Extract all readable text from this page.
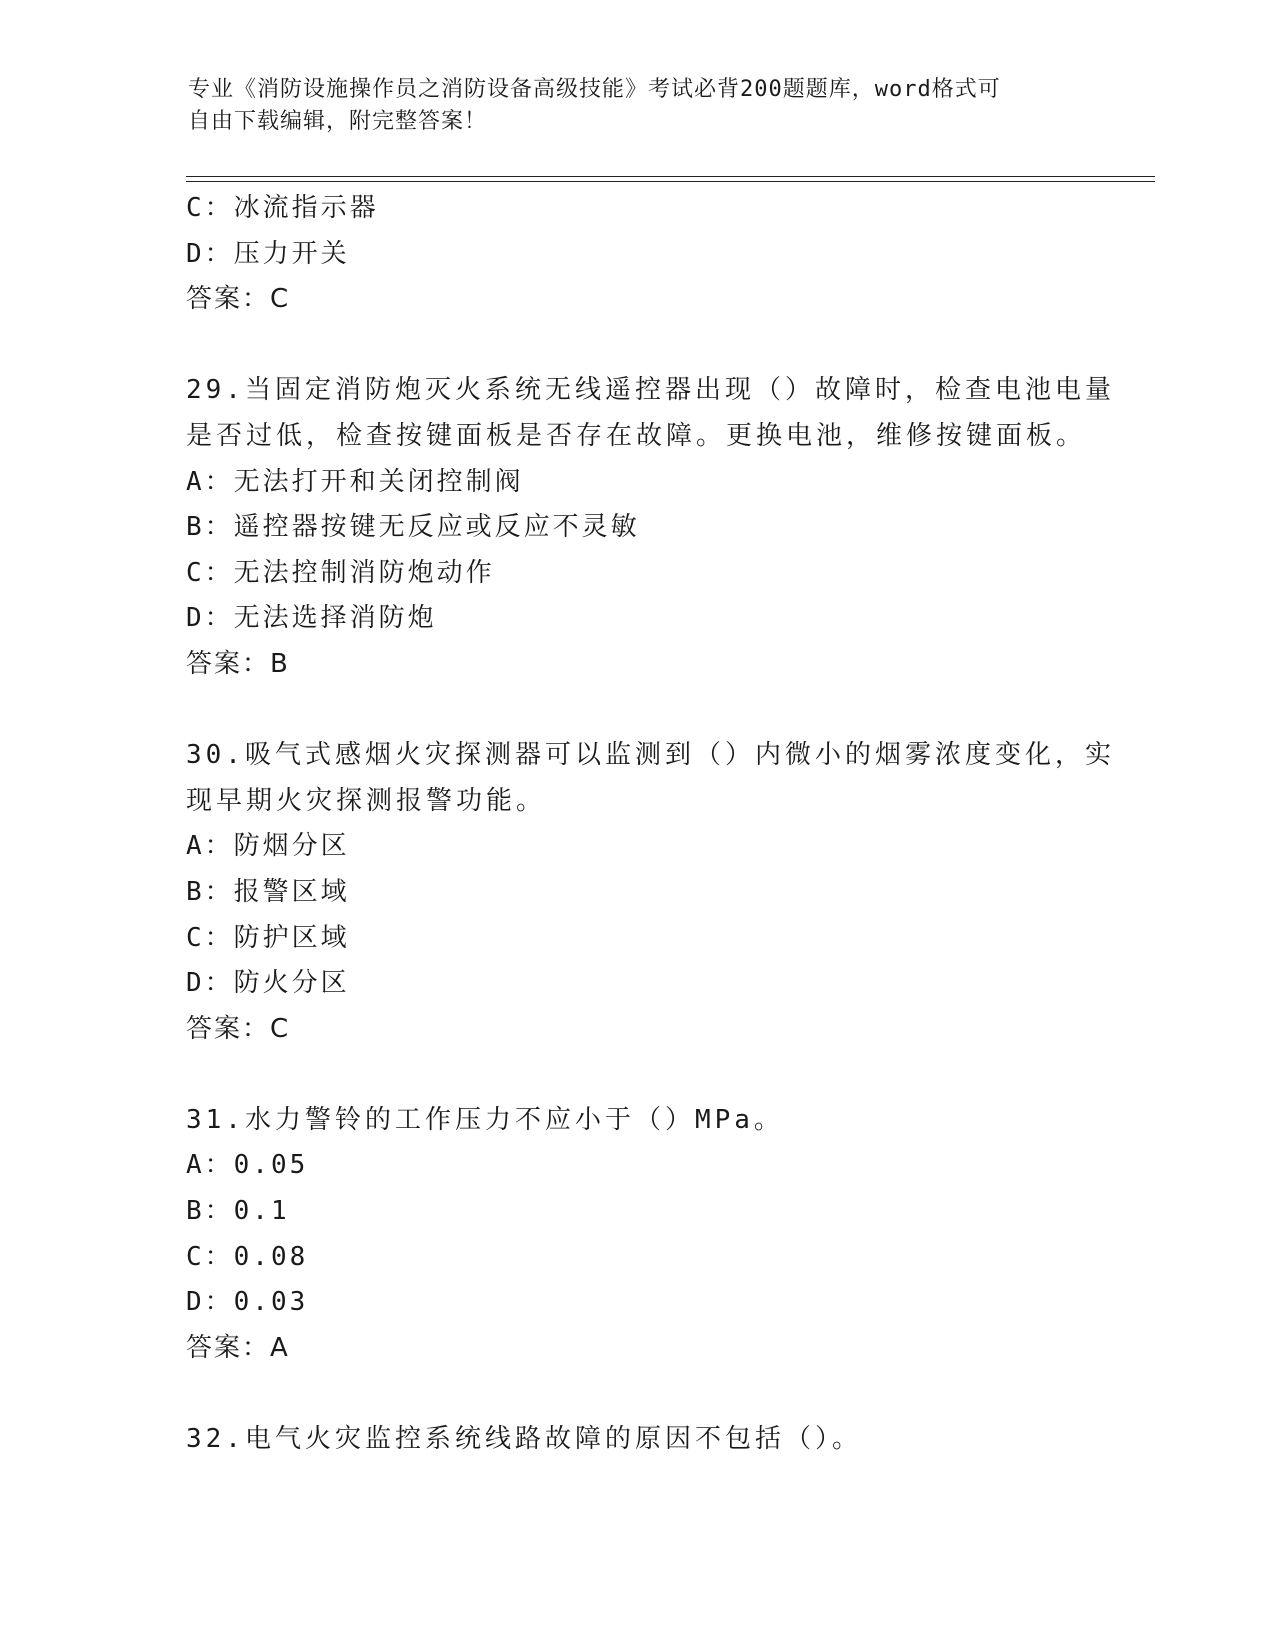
专业《消防设施操作员之消防设备高级技能》考试必背200题题库，word格式可
自由下载编辑，附完整答案！
C：冰流指示器
D：压力开关
答案：C
29.当固定消防炮灭火系统无线遥控器出现（）故障时，检查电池电量
是否过低，检查按键面板是否存在故障。更换电池，维修按键面板。
A：无法打开和关闭控制阀
B：遥控器按键无反应或反应不灵敏
C：无法控制消防炮动作
D：无法选择消防炮
答案：B
30.吸气式感烟火灾探测器可以监测到（）内微小的烟雾浓度变化，实
现早期火灾探测报警功能。
A：防烟分区
B：报警区域
C：防护区域
D：防火分区
答案：C
31.水力警铃的工作压力不应小于（）MPa。
A：0.05
B：0.1
C：0.08
D：0.03
答案：A
32.电气火灾监控系统线路故障的原因不包括（）。
